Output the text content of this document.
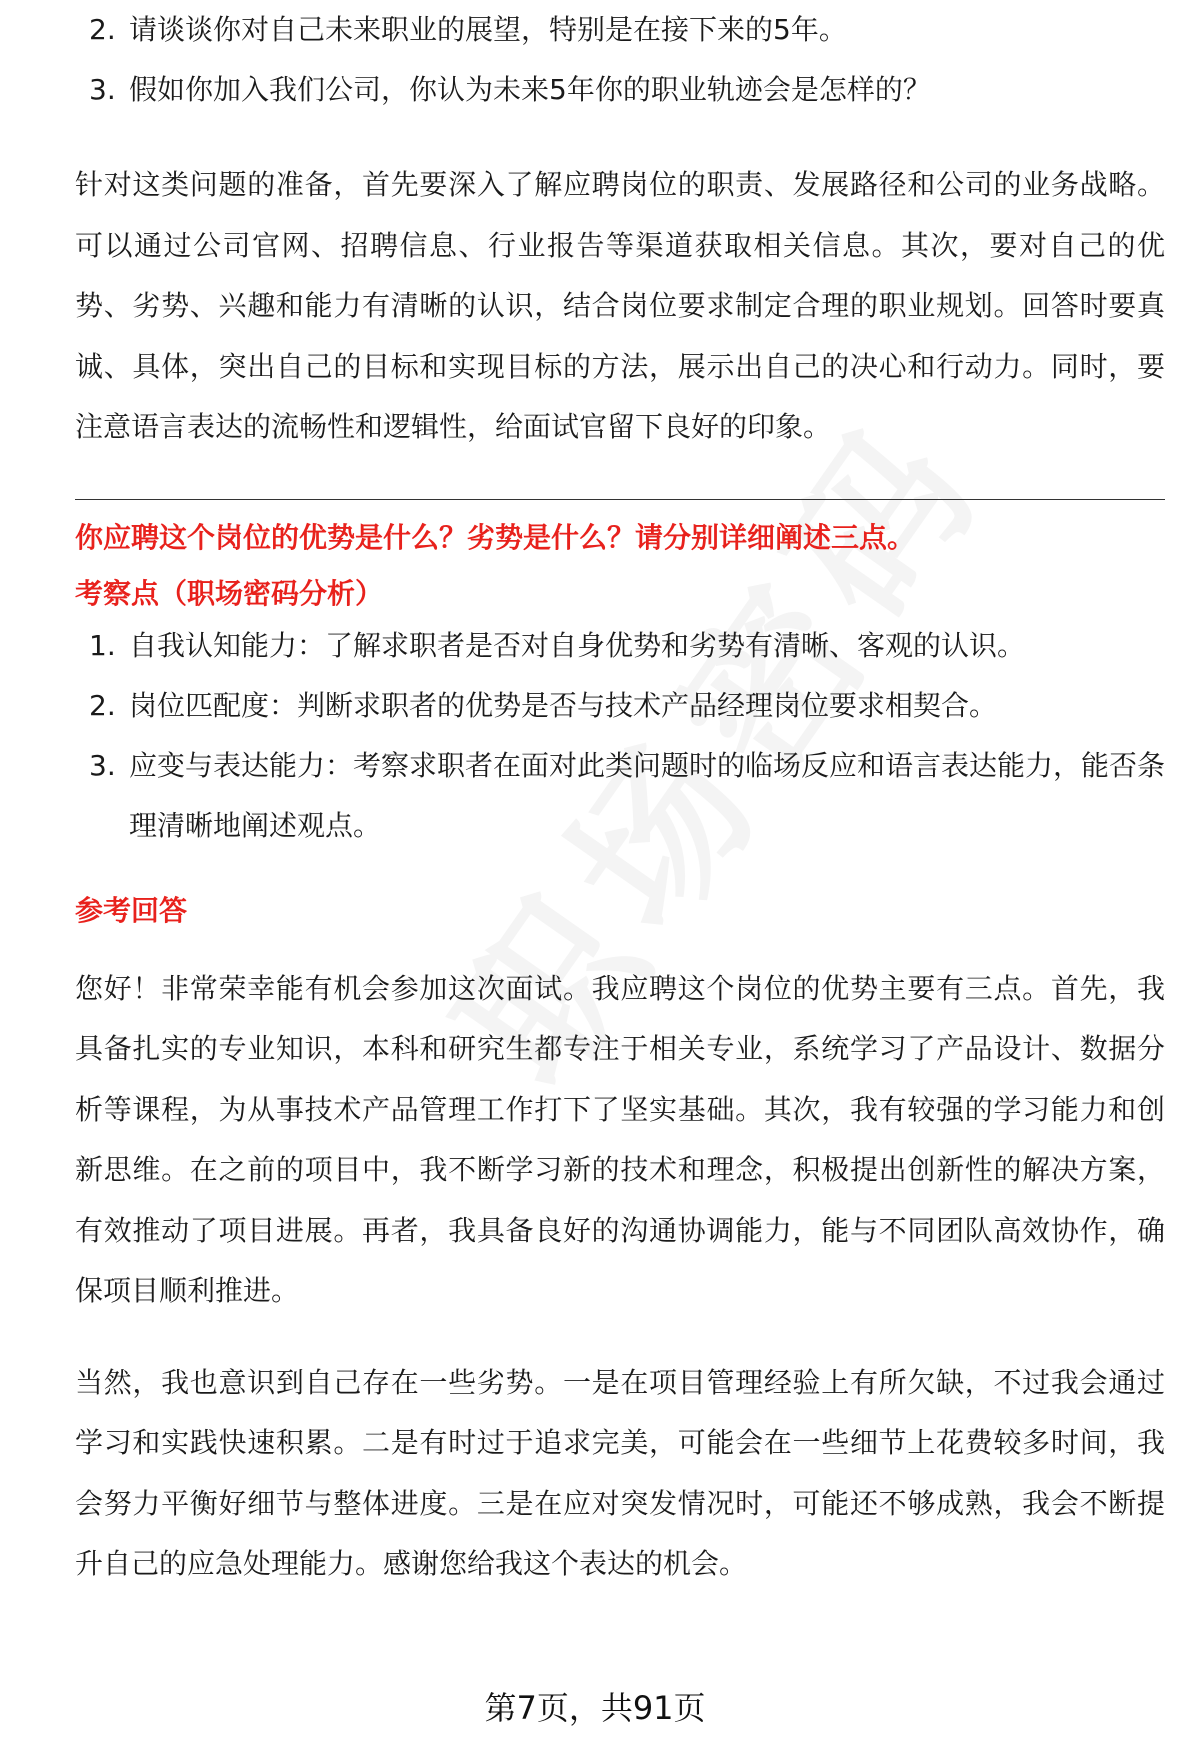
2. 请谈谈你对自己未来职业的展望，特别是在接下来的5年。
3. 假如你加入我们公司，你认为未来5年你的职业轨迹会是怎样的？

针对这类问题的准备，首先要深入了解应聘岗位的职责、发展路径和公司的业务战略。可以通过公司官网、招聘信息、行业报告等渠道获取相关信息。其次，要对自己的优势、劣势、兴趣和能力有清晰的认识，结合岗位要求制定合理的职业规划。回答时要真诚、具体，突出自己的目标和实现目标的方法，展示出自己的决心和行动力。同时，要注意语言表达的流畅性和逻辑性，给面试官留下良好的印象。

你应聘这个岗位的优势是什么？劣势是什么？请分别详细阐述三点。

考察点（职场密码分析）

1. 自我认知能力：了解求职者是否对自身优势和劣势有清晰、客观的认识。
2. 岗位匹配度：判断求职者的优势是否与技术产品经理岗位要求相契合。
3. 应变与表达能力：考察求职者在面对此类问题时的临场反应和语言表达能力，能否条理清晰地阐述观点。

参考回答

您好！非常荣幸能有机会参加这次面试。我应聘这个岗位的优势主要有三点。首先，我具备扎实的专业知识，本科和研究生都专注于相关专业，系统学习了产品设计、数据分析等课程，为从事技术产品管理工作打下了坚实基础。其次，我有较强的学习能力和创新思维。在之前的项目中，我不断学习新的技术和理念，积极提出创新性的解决方案，有效推动了项目进展。再者，我具备良好的沟通协调能力，能与不同团队高效协作，确保项目顺利推进。

当然，我也意识到自己存在一些劣势。一是在项目管理经验上有所欠缺，不过我会通过学习和实践快速积累。二是有时过于追求完美，可能会在一些细节上花费较多时间，我会努力平衡好细节与整体进度。三是在应对突发情况时，可能还不够成熟，我会不断提升自己的应急处理能力。感谢您给我这个表达的机会。

第7页，共91页
